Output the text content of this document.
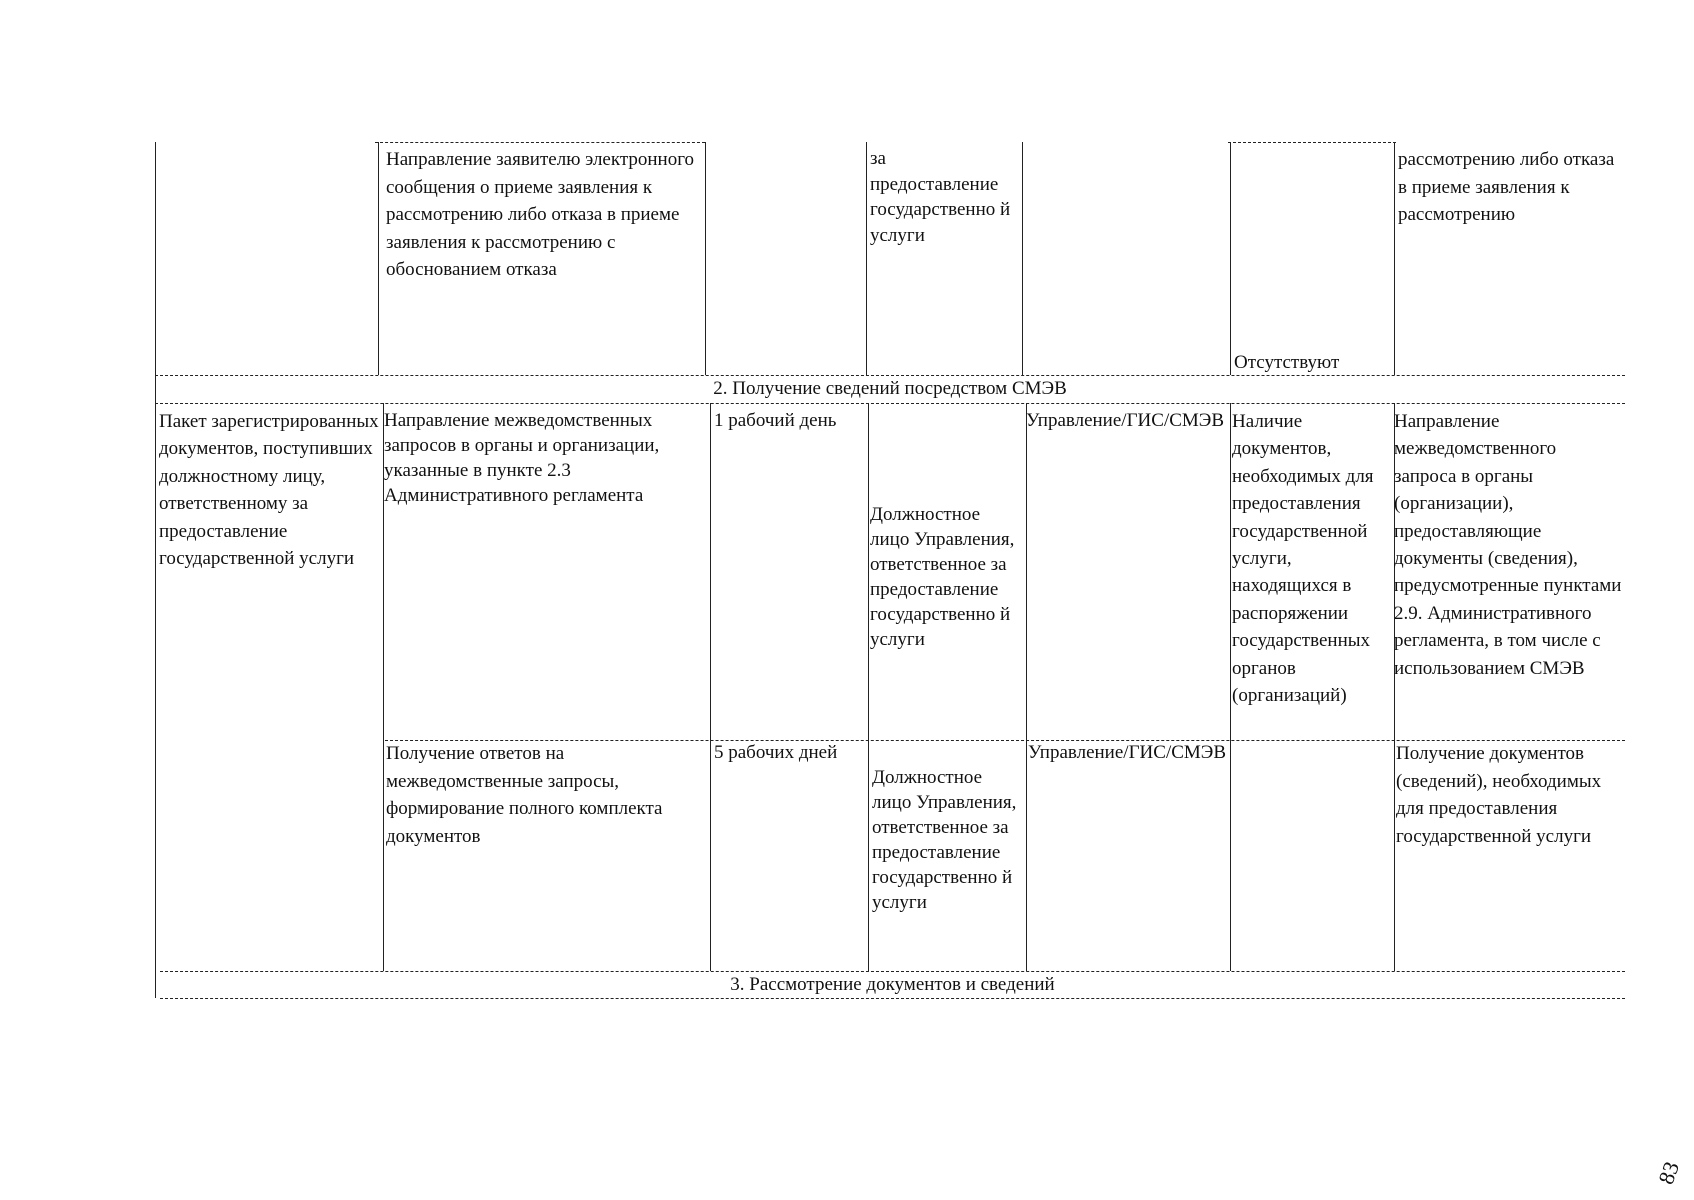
Направление заявителю электронного сообщения о приеме заявления к рассмотрению либо отказа в приеме заявления к рассмотрению с обоснованием отказа
за предоставление государственно й услуги
Отсутствуют
рассмотрению либо отказа в приеме заявления к рассмотрению
2. Получение сведений посредством СМЭВ
Пакет зарегистрированных документов, поступивших должностному лицу, ответственному за предоставление государственной услуги
Направление межведомственных запросов в органы и организации, указанные в пункте 2.3 Административного регламента
1 рабочий день
Должностное лицо Управления, ответственное за предоставление государственно й услуги
Управление/ГИС/СМЭВ Наличие документов, необходимых для предоставления государственной услуги, находящихся в распоряжении государственных органов (организаций)
Направление межведомственного запроса в органы (организации), предоставляющие документы (сведения), предусмотренные пунктами 2.9. Административного регламента, в том числе с использованием СМЭВ
Получение ответов на межведомственные запросы, формирование полного комплекта документов
5 рабочих дней
Должностное лицо Управления, ответственное за предоставление государственно й услуги
Управление/ГИС/СМЭВ	Получение документов (сведений), необходимых для предоставления государственной услуги
3. Рассмотрение документов и сведений
83
